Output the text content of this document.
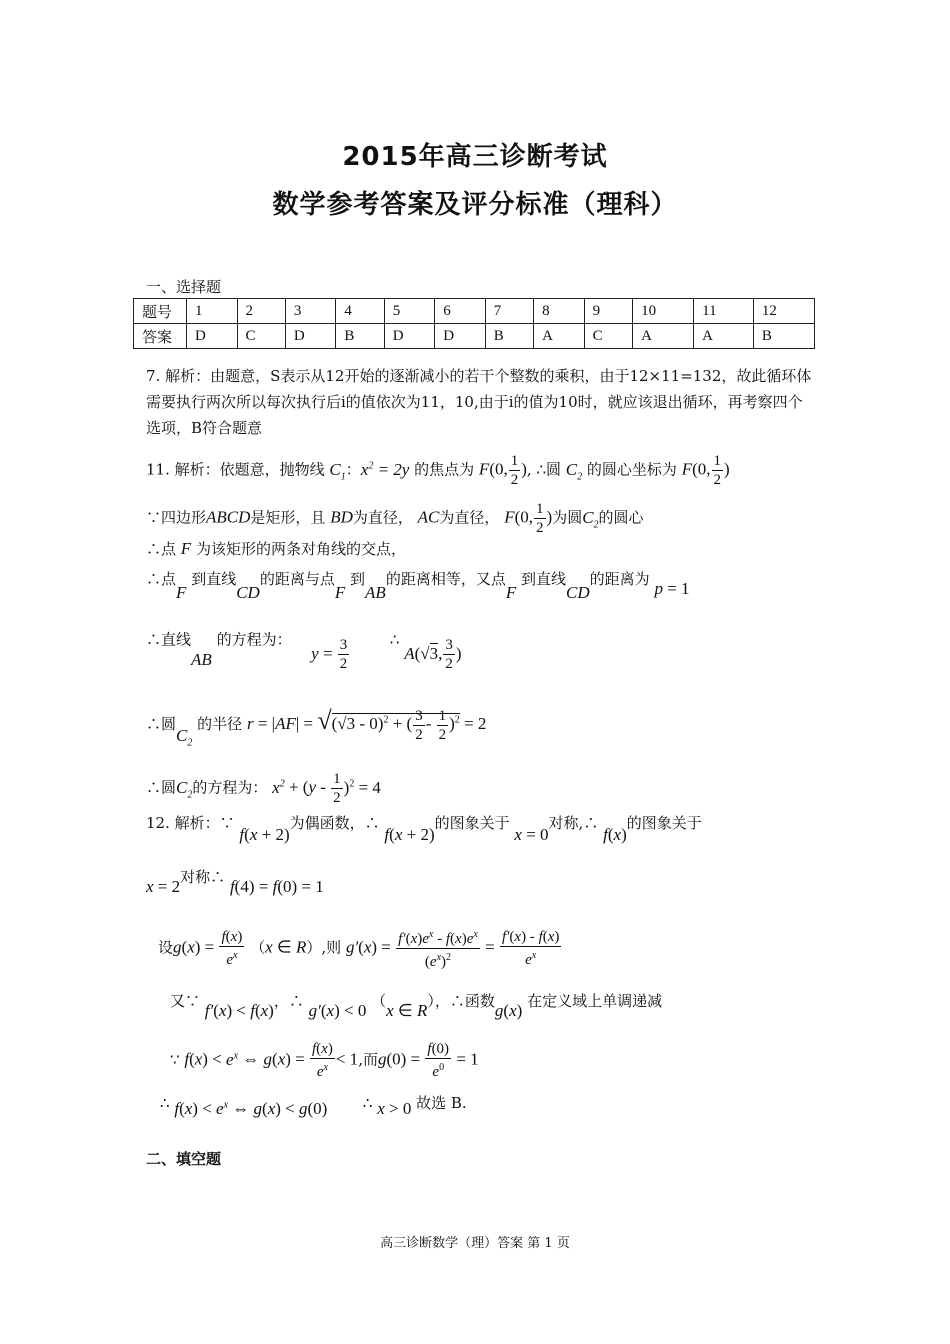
2015年高三诊断考试
数学参考答案及评分标准（理科）
一、选择题
题号	1	2	3	4	5	6	7	8	9	10	11	12
答案	D	C	D	B	D	D	B	A	C	A	A	B
7. 解析：由题意，S表示从12开始的逐渐减小的若干个整数的乘积，由于12×11=132，故此循环体需要执行两次所以每次执行后i的值依次为11，10,由于i的值为10时，就应该退出循环，再考察四个选项，B符合题意
11. 解析：依题意，抛物线 $C_1$：$x^2 = 2y$ 的焦点为 F(0, $\frac{1}{2}$ ), ∴圆 $C_2$ 的圆心坐标为 F(0, $\frac{1}{2}$ )
∵四边形ABCD是矩形，且 BD为直径， AC为直径， F(0, $\frac{1}{2}$ )为圆$C_2$的圆心
∴点 F 为该矩形的两条对角线的交点，
∴点F 到直线CD的距离与点F 到AB的距离相等，又点F 到直线CD的距离为 p = 1
∴直线AB 的方程为：  $y = \frac{3}{2}$	∴ A(√3, $\frac{3}{2}$ )
∴圆$C_2$ 的半径 r = |AF| = √(√3 - 0)$^2$ + ( $\frac{3}{2} - \frac{1}{2} )^2 = 2$
∴圆$C_2$的方程为： $x^2 + (y - \frac{1}{2} )^2 = 4$
12. 解析：∵ f(x + 2)为偶函数，∴ f(x + 2)的图象关于 x = 0对称,∴ f(x)的图象关于
x = 2对称∴ f(4) = f(0) = 1
设$g(x) = \frac{f(x)}{e^x} (x$ ∈ R）,则 $g'(x) = \frac{f'(x)e^x - f(x)e^x}{(e^x)^2} = \frac{f'(x) - f(x)}{e^x}$
又∵ f′(x) < f(x)，∴ g′(x) < 0 （x ∈ R），∴函数g(x) 在定义域上单调递减
∵ $f(x) < e^x$ ⇔ $g(x) = \frac{f(x)}{e^x} < 1$,而$g(0) = \frac{f(0)}{e^0} = 1$
∴ $f(x) < e^x$ ⇔ g(x) < g(0) ∴ x > 0 故选 B.
二、填空题
高三诊断数学（理）答案 第 1 页
